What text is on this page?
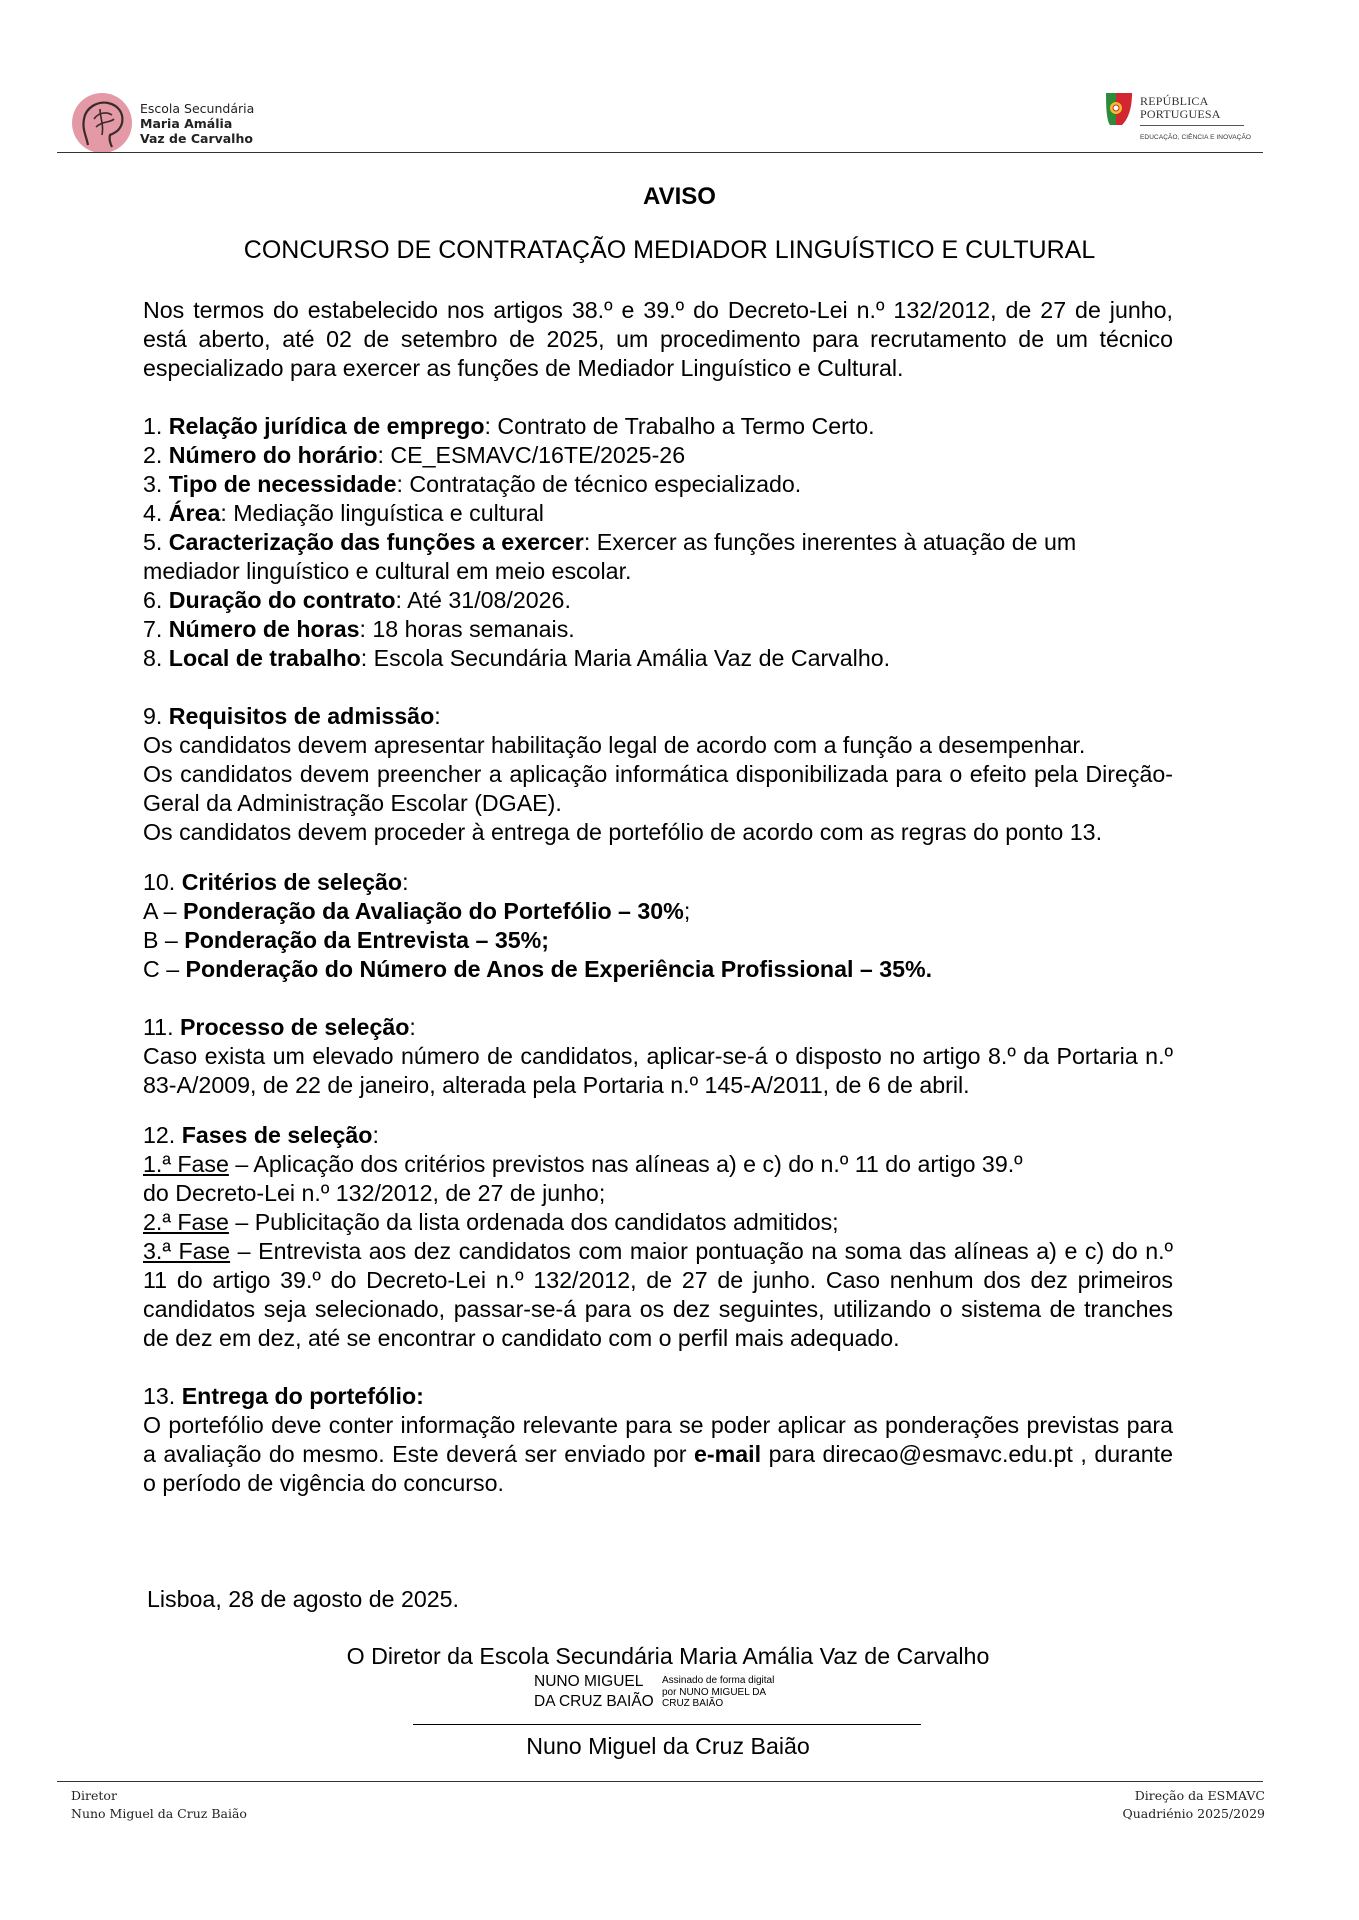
Escola Secundária
Maria Amália
Vaz de Carvalho
REPÚBLICA
PORTUGUESA
EDUCAÇÃO, CIÊNCIA E INOVAÇÃO
AVISO
CONCURSO DE CONTRATAÇÃO MEDIADOR LINGUÍSTICO E CULTURAL

Nos termos do estabelecido nos artigos 38.º e 39.º do Decreto-Lei n.º 132/2012, de 27 de junho, está aberto, até 02 de setembro de 2025, um procedimento para recrutamento de um técnico especializado para exercer as funções de Mediador Linguístico e Cultural.

1. Relação jurídica de emprego: Contrato de Trabalho a Termo Certo.

2. Número do horário: CE_ESMAVC/16TE/2025-26

3. Tipo de necessidade: Contratação de técnico especializado.

4. Área: Mediação linguística e cultural

5. Caracterização das funções a exercer: Exercer as funções inerentes à atuação de um mediador linguístico e cultural em meio escolar.

6. Duração do contrato: Até 31/08/2026.

7. Número de horas: 18 horas semanais.

8. Local de trabalho: Escola Secundária Maria Amália Vaz de Carvalho.

9. Requisitos de admissão:

Os candidatos devem apresentar habilitação legal de acordo com a função a desempenhar.

Os candidatos devem preencher a aplicação informática disponibilizada para o efeito pela Direção-Geral da Administração Escolar (DGAE).

Os candidatos devem proceder à entrega de portefólio de acordo com as regras do ponto 13.

10. Critérios de seleção:

A – Ponderação da Avaliação do Portefólio – 30%;

B – Ponderação da Entrevista – 35%;

C – Ponderação do Número de Anos de Experiência Profissional – 35%.

11. Processo de seleção:

Caso exista um elevado número de candidatos, aplicar-se-á o disposto no artigo 8.º da Portaria n.º 83-A/2009, de 22 de janeiro, alterada pela Portaria n.º 145-A/2011, de 6 de abril.

12. Fases de seleção:

1.ª Fase – Aplicação dos critérios previstos nas alíneas a) e c) do n.º 11 do artigo 39.º

do Decreto-Lei n.º 132/2012, de 27 de junho;

2.ª Fase – Publicitação da lista ordenada dos candidatos admitidos;

3.ª Fase – Entrevista aos dez candidatos com maior pontuação na soma das alíneas a) e c) do n.º 11 do artigo 39.º do Decreto-Lei n.º 132/2012, de 27 de junho. Caso nenhum dos dez primeiros candidatos seja selecionado, passar-se-á para os dez seguintes, utilizando o sistema de tranches de dez em dez, até se encontrar o candidato com o perfil mais adequado.

13. Entrega do portefólio:

O portefólio deve conter informação relevante para se poder aplicar as ponderações previstas para a avaliação do mesmo. Este deverá ser enviado por e-mail para direcao@esmavc.edu.pt , durante o período de vigência do concurso.

Lisboa, 28 de agosto de 2025.
O Diretor da Escola Secundária Maria Amália Vaz de Carvalho
NUNO MIGUEL
DA CRUZ BAIÃO
Assinado de forma digital
por NUNO MIGUEL DA
CRUZ BAIÃO
Nuno Miguel da Cruz Baião
Diretor
Nuno Miguel da Cruz Baião
Direção da ESMAVC
Quadriénio 2025/2029
